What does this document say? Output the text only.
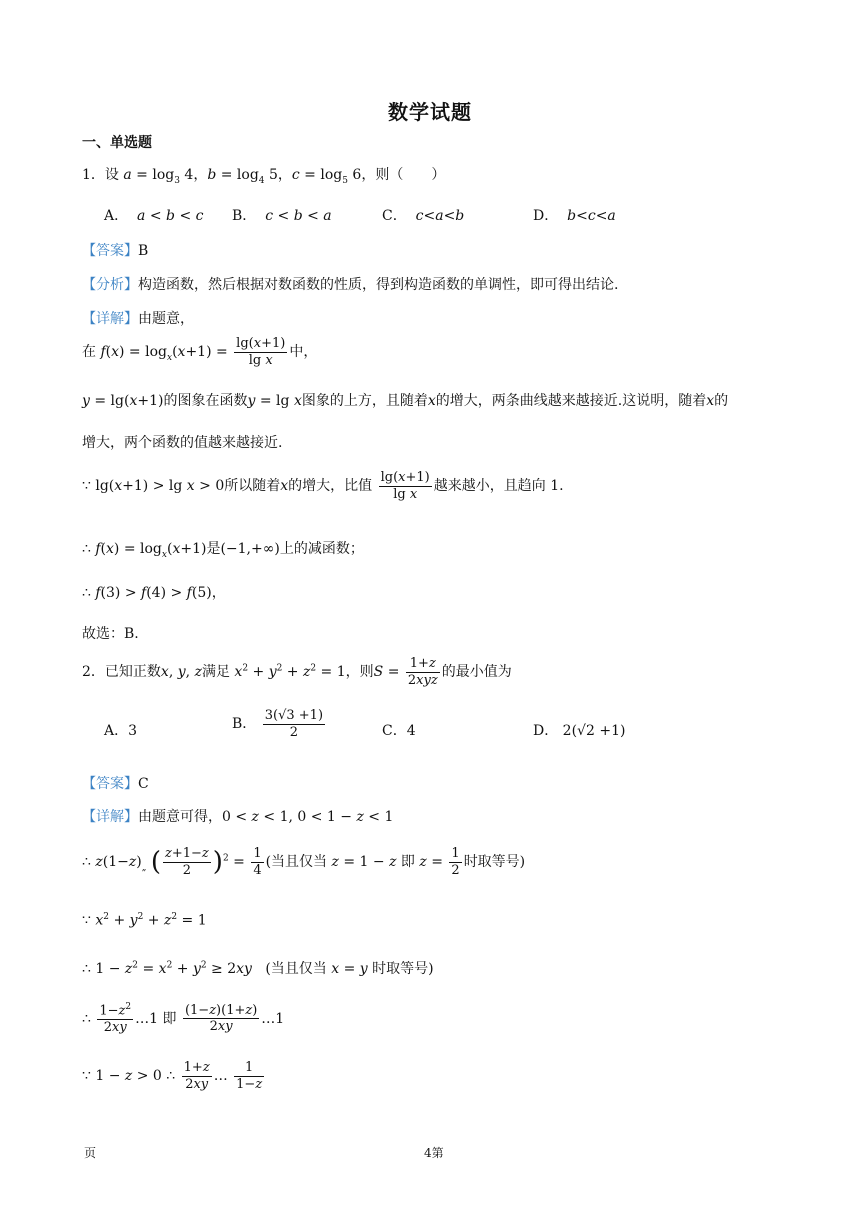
数学试题
一、单选题
1．设 $a = \log_3 4$，$b = \log_4 5$，$c = \log_5 6$，则（　　）
A． a < b < c B． c < b < a	C． c<a<b	D． b<c<a
【答案】B
【分析】构造函数，然后根据对数函数的性质，得到构造函数的单调性，即可得出结论.
【详解】由题意，
在 $f(x) = \log_x(x+1) = \frac{\lg(x+1)}{\text{lg x}}$ 中，
y = lg(x+1)的图象在函数y = lg x图象的上方，且随着x的增大，两条曲线越来越接近.这说明，随着x的
增大，两个函数的值越来越接近.
∵ lg(x+1) > lg x > 0所以随着x的增大，比值 $\frac{\lg(x+1)}{\text{lg x}}$ 越来越小，且趋向 1.
∴ $f(x) = \log_x(x+1)$是(−1,+∞)上的减函数；
∴ f(3) > f(4) > f(5)，
故选：B.
2．已知正数x, y, z满足 $x^2 + y^2 + z^2 = 1$，则$S = \frac{1+z}{\text{2xyz}}$ 的最小值为
A．3	B． $\frac{3(√3 +1)}{2}$	C．4	D． 2(√2 +1)
【答案】C
【详解】由题意可得，0 < z < 1, 0 < 1 − z < 1
∴ $z(1-z)_„$ ( $\frac{z+1-z}{2} )^2 = \frac{1}{4}$ (当且仅当 z = 1 − z 即 $z = \frac{1}{2}$ 时取等号)
∵ $x^2 + y^2 + z^2 = 1$
∴ $1 - z^2 = x^2 + y^2 \ge 2xy$ (当且仅当 x = y 时取等号)
∴ $\frac{1-z^2}{2xy}$ …1 即 $\frac{(1-z)(1+z)}{2xy}$ …1
∵ 1 − z > 0 ∴ $\frac{1+z}{2xy}$ … $\frac{1}{1-z}$
页	4第
